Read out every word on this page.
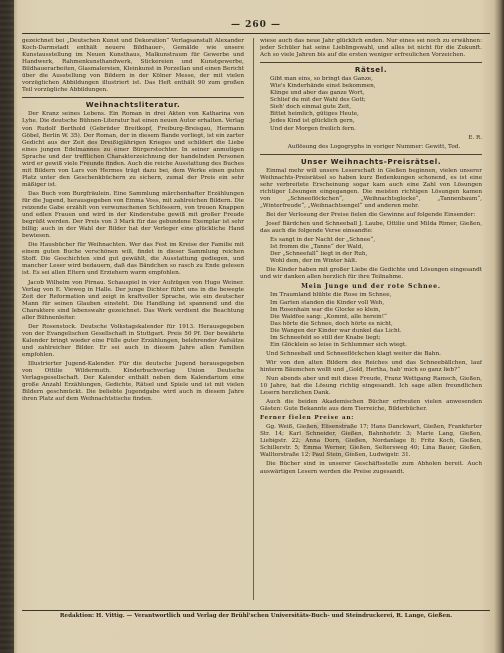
— 260 —

gezeichnet bei „Deutschen Kunst und Dekoration“ Verlagsanstalt Alexander Koch-Darmstadt enthält neuere Bildhauer-, Gemälde wie unsere Kunstausstellung im Neuen Kunsthaus, Malkunstraum für Gewerbe und Handwerk, Rahmenkunsthandwerk, Stickereien und Kunstgewerbe, Bildhauerarbeiten, Glasmalereien, Kleinkunst in Porzellan und einen Bericht über die Ausstellung von Bildern in der Kölner Messe, der mit vielen vorzüglichen Abbildungen illustriert ist. Das Heft enthält 90 zum großen Teil vorzügliche Abbildungen.

Weihnachtsliteratur.

Der Kranz seines Lebens. Ein Roman in drei Akten von Katharina von Lyhe. Die deutsche Bühnen-Literatur hat einen neuen Autor erhalten. Verlag von Rudolf Berthold (Gebrüder Breitkopf, Freiburg-Breisgau, Hermann Göbel, Berlin W. 35). Der Roman, der in diesem Bande vorliegt, ist ein zarter Gedicht aus der Zeit des Dreißigjährigen Krieges und schildert die Liebe eines jungen Edelmannes zu einer Bürgerstochter. In seiner anmutigen Sprache und der trefflichen Charakterzeichnung der handelnden Personen wird er gewiß viele Freunde finden. Auch die reiche Ausstattung des Buches mit Bildern von Lars von Hermes trägt dazu bei, dem Werke einen guten Platz unter den Geschenkbüchern zu sichern, zumal der Preis ein sehr mäßiger ist.

Das Buch vom Burgfräulein. Eine Sammlung märchenhafter Erzählungen für die Jugend, herausgegeben von Emma Voss, mit zahlreichen Bildern. Die reizende Gabe erzählt von verwunschenen Schlössern, von treuen Knappen und edlen Frauen und wird in der Kinderstube gewiß mit großer Freude begrüßt werden. Der Preis von 3 Mark für das gebundene Exemplar ist sehr billig; auch in der Wahl der Bilder hat der Verleger eine glückliche Hand bewiesen.

Die Hausbücher für Weihnachten. Wer das Fest im Kreise der Familie mit einem guten Buche verschönen will, findet in dieser Sammlung reichen Stoff. Die Geschichten sind gut gewählt, die Ausstattung gediegen, und mancher Leser wird bedauern, daß das Bändchen so rasch zu Ende gelesen ist. Es sei allen Eltern und Erziehern warm empfohlen.

Jacob Wilhelm von Pirnau. Schauspiel in vier Aufzügen von Hugo Weiner. Verlag von E. Vieweg in Halle. Der junge Dichter führt uns in die bewegte Zeit der Reformation und zeigt in kraftvoller Sprache, wie ein deutscher Mann für seinen Glauben einsteht. Die Handlung ist spannend und die Charaktere sind lebenswahr gezeichnet. Das Werk verdient die Beachtung aller Bühnenleiter.

Der Rosenstock. Deutsche Volkstagskalender für 1913. Herausgegeben von der Evangelischen Gesellschaft in Stuttgart. Preis 50 Pf. Der bewährte Kalender bringt wieder eine Fülle guter Erzählungen, belehrender Aufsätze und zahlreicher Bilder. Er sei auch in diesem Jahre allen Familien empfohlen.

Illustrierter Jugend-Kalender. Für die deutsche Jugend herausgegeben von Ottilie Wildermuth. Kinderbuchverlag Union Deutsche Verlagsgesellschaft. Der Kalender enthält neben dem Kalendarium eine große Anzahl Erzählungen, Gedichte, Rätsel und Spiele und ist mit vielen Bildern geschmückt. Die beliebte Jugendgabe wird auch in diesem Jahre ihren Platz auf dem Weihnachtstische finden.

wiese auch das neue Jahr glücklich enden. Nur eines sei noch zu erwähnen: jeder Schüler hat seine Lieblingswahl, und alles ist nicht für die Zukunft. Ach so viele Jahren bis auf die ersten weniger erfreulichen Vorzeichen.

Rätsel.

Gibt man eins, so bringt das Ganze,

Wie's Kinderhände einst bekommen,

Klinge und aber das ganze Wort,

Schlief du mit der Wahl des Gott;

Sieh' doch einmal gute Zeit,

Bittet heimlich, gütiges Heute,

Jedes Kind ist glücklich gern,

Und der Morgen freilich fern.

E. R.

Auflösung des Logogryphs in voriger Nummer: Gewitt, Tod.

Unser Weihnachts-Preisrätsel.

Einmal mehr will unsere Leserschaft in Gießen beginnen, vielen unserer Weihnachts-Preisrätsel so haben kurz Bedenkungen schonend, es ist eine sehr verbreitete Erscheinung sogar kam auch eine Zahl von Lösungen richtiger Lösungen eingegangen. Die meisten richtigen Lösungen kamen von „Schneeflöckchen“, „Weihnachtsglocke“, „Tannenbaum“, „Winterfreude“, „Weihnachtsengel“ und anderen mehr.

Bei der Verlosung der Preise fielen die Gewinne auf folgende Einsender:

Josef Bärdchen und Schneeball J. Laube, Ottilie und Milda Rimer, Gießen, das auch die folgende Verse einsandte:

Es sangt in der Nacht der „Schnee“,

Ist fromm die „Tanne“ der Wald,

Der „Schneefall“ liegt in der Ruh,

Wohl dem, der im Winter hält.

Die Kinder haben mit großer Liebe die Gedichte und Lösungen eingesandt und wir danken allen herzlich für ihre Teilnahme.

Mein Junge und der rote Schnee.

Im Traumland blühte die Rose im Schnee,

Im Garten standen die Kinder voll Weh,

Im Rosenhain war die Glocke so klein,

Die Waldfee sang: „Kommt, alle herein!“

Das hörte die Schnee, doch hörte es nicht,

Die Wangen der Kinder war dunkel das Licht.

Im Schneefeld so still der Knabe liegt;

Ein Glöcklein so leise in Schlummer sich wiegt.

Und Schneeball und Schneeflöckchen klagt weiter die Bahn.

Wir von den alten Bildern des Reiches und das Schneebällchen, lauf hinterm Bäumchen wollt und „Gold, Hertha, hab' mich so ganz lieb?“

Nun abends aber und mit diese Freude, Franz Wettgang Ramsch, Gießen, 10 Jahre, hat die Lösung richtig eingesandt. Ich sage allen freundlichen Lesern herzlichen Dank.

Auch die beiden Akademischen Bücher erfreuten vielen anwesenden Gästen: Gute Bekannte aus dem Tierreiche, Bilderbücher.

Ferner fielen Preise an:

Gg. Weiß, Gießen, Elisenstraße 17; Hans Danckwart, Gießen, Frankfurter Str. 14; Karl Schneider, Gießen, Bahnhofstr. 3; Marie Lang, Gießen, Liebigstr. 22; Anna Dorn, Gießen, Nordanlage 8; Fritz Koch, Gießen, Schillerstr. 5; Emma Werner, Gießen, Seltersweg 40; Lina Bauer, Gießen, Walltorstraße 12; Paul Stein, Gießen, Ludwigstr. 31.

Die Bücher sind in unserer Geschäftsstelle zum Abholen bereit. Auch auswärtigen Lesern werden die Preise zugesandt.

Redaktion: H. Vittig. — Verantwortlich und Verlag der Brühl'schen Universitäts-Buch- und Steindruckerei, R. Lange, Gießen.
